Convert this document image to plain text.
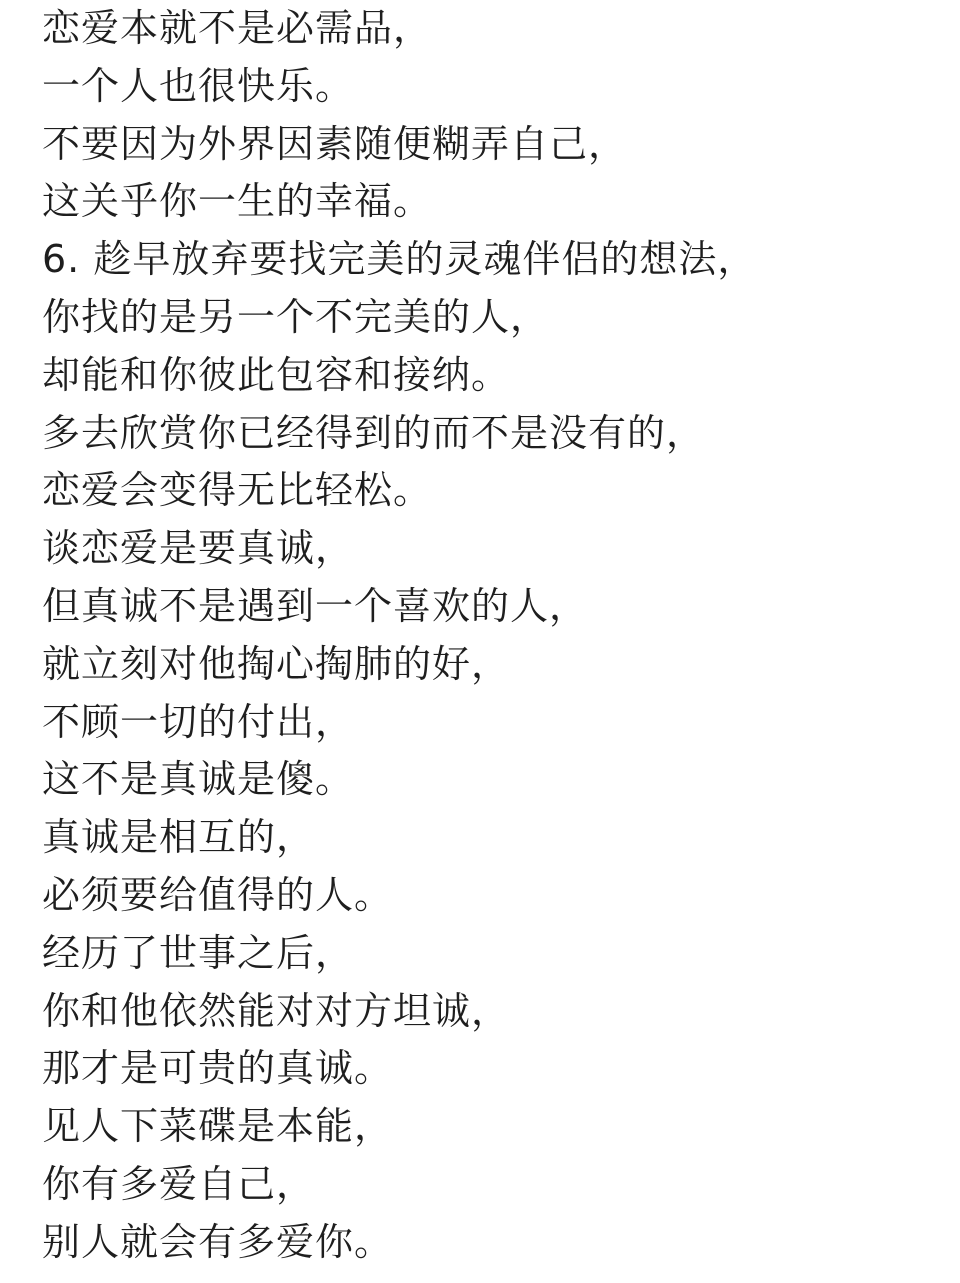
恋爱本就不是必需品，
一个人也很快乐。
不要因为外界因素随便糊弄自己，
这关乎你一生的幸福。
6. 趁早放弃要找完美的灵魂伴侣的想法，
你找的是另一个不完美的人，
却能和你彼此包容和接纳。
多去欣赏你已经得到的而不是没有的，
恋爱会变得无比轻松。
谈恋爱是要真诚，
但真诚不是遇到一个喜欢的人，
就立刻对他掏心掏肺的好，
不顾一切的付出，
这不是真诚是傻。
真诚是相互的，
必须要给值得的人。
经历了世事之后，
你和他依然能对对方坦诚，
那才是可贵的真诚。
见人下菜碟是本能，
你有多爱自己，
别人就会有多爱你。
